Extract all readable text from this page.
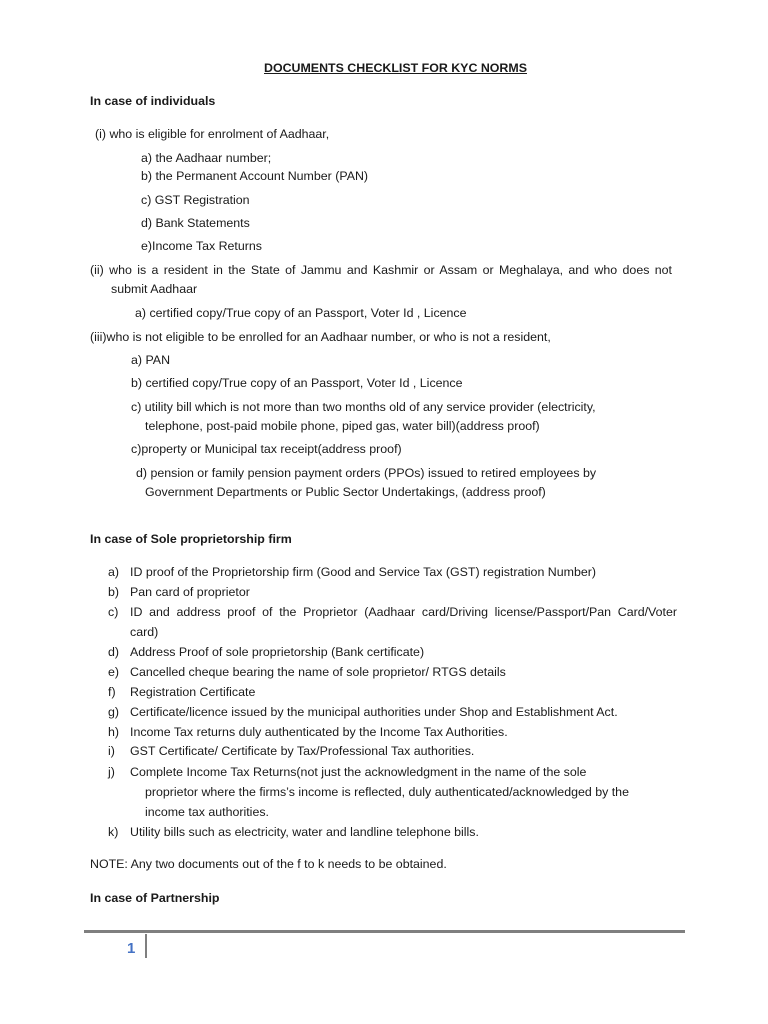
DOCUMENTS CHECKLIST FOR KYC NORMS
In case of individuals
(i) who is eligible for enrolment of Aadhaar,
a) the Aadhaar number;
b) the Permanent Account Number (PAN)
c) GST Registration
d) Bank Statements
e)Income Tax Returns
(ii) who is a resident in the State of Jammu and Kashmir or Assam or Meghalaya, and who does not
submit Aadhaar
a) certified copy/True copy of an Passport, Voter Id , Licence
(iii)who is not eligible to be enrolled for an Aadhaar number, or who is not a resident,
a) PAN
b) certified copy/True copy of an Passport, Voter Id , Licence
c) utility bill which is not more than two months old of any service provider (electricity,
telephone, post-paid mobile phone, piped gas, water bill)(address proof)
c)property or Municipal tax receipt(address proof)
d) pension or family pension payment orders (PPOs) issued to retired employees by
Government Departments or Public Sector Undertakings, (address proof)
In case of Sole proprietorship firm
a) ID proof of the Proprietorship firm (Good and Service Tax (GST) registration Number)
b) Pan card of proprietor
c) ID and address proof of the Proprietor (Aadhaar card/Driving license/Passport/Pan Card/Voter
card)
d) Address Proof of sole proprietorship (Bank certificate)
e) Cancelled cheque bearing the name of sole proprietor/ RTGS details
f) Registration Certificate
g) Certificate/licence issued by the municipal authorities under Shop and Establishment Act.
h) Income Tax returns duly authenticated by the Income Tax Authorities.
i) GST Certificate/ Certificate by Tax/Professional Tax authorities.
j) Complete Income Tax Returns(not just the acknowledgment in the name of the sole
proprietor where the firms’s income is reflected, duly authenticated/acknowledged by the
income tax authorities.
k) Utility bills such as electricity, water and landline telephone bills.
NOTE: Any two documents out of the f to k needs to be obtained.
In case of Partnership
1
